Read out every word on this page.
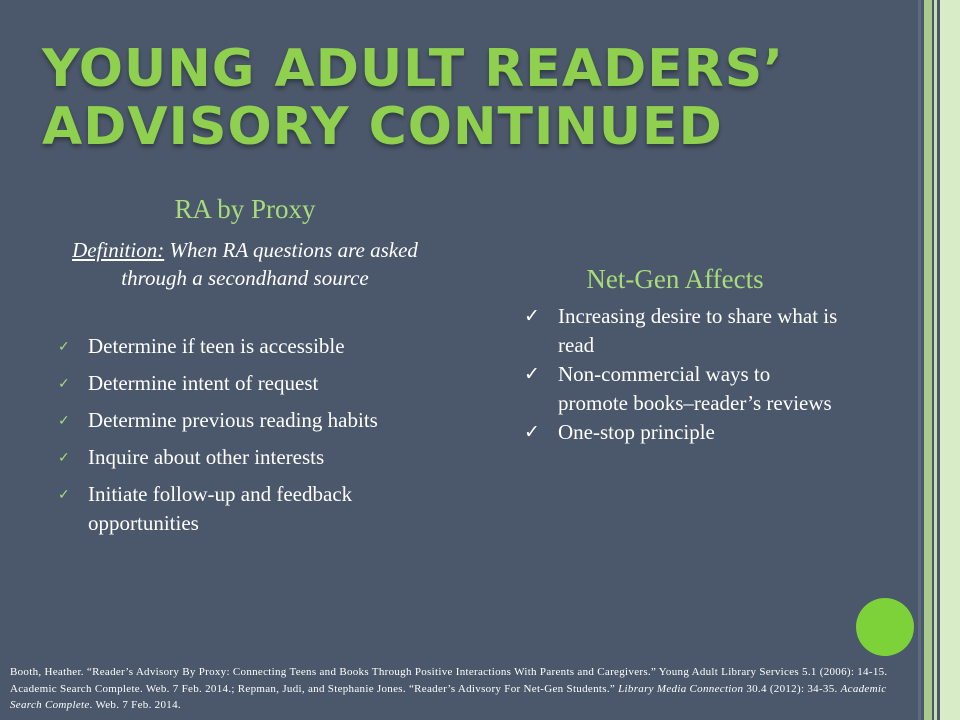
YOUNG ADULT READERS’
ADVISORY CONTINUED
RA by Proxy

Definition: When RA questions are asked through a secondhand source

✓ Determine if teen is accessible
✓ Determine intent of request
✓ Determine previous reading habits
✓ Inquire about other interests
✓ Initiate follow-up and feedback opportunities
Net-Gen Affects
✓ Increasing desire to share what is read
✓ Non-commercial ways to promote books–reader’s reviews
✓ One-stop principle

Booth, Heather. “Reader’s Advisory By Proxy: Connecting Teens and Books Through Positive Interactions With Parents and Caregivers.” Young Adult Library Services 5.1 (2006): 14-15. Academic Search Complete. Web. 7 Feb. 2014.; Repman, Judi, and Stephanie Jones. “Reader’s Adivsory For Net-Gen Students.” Library Media Connection 30.4 (2012): 34-35. Academic Search Complete. Web. 7 Feb. 2014.
